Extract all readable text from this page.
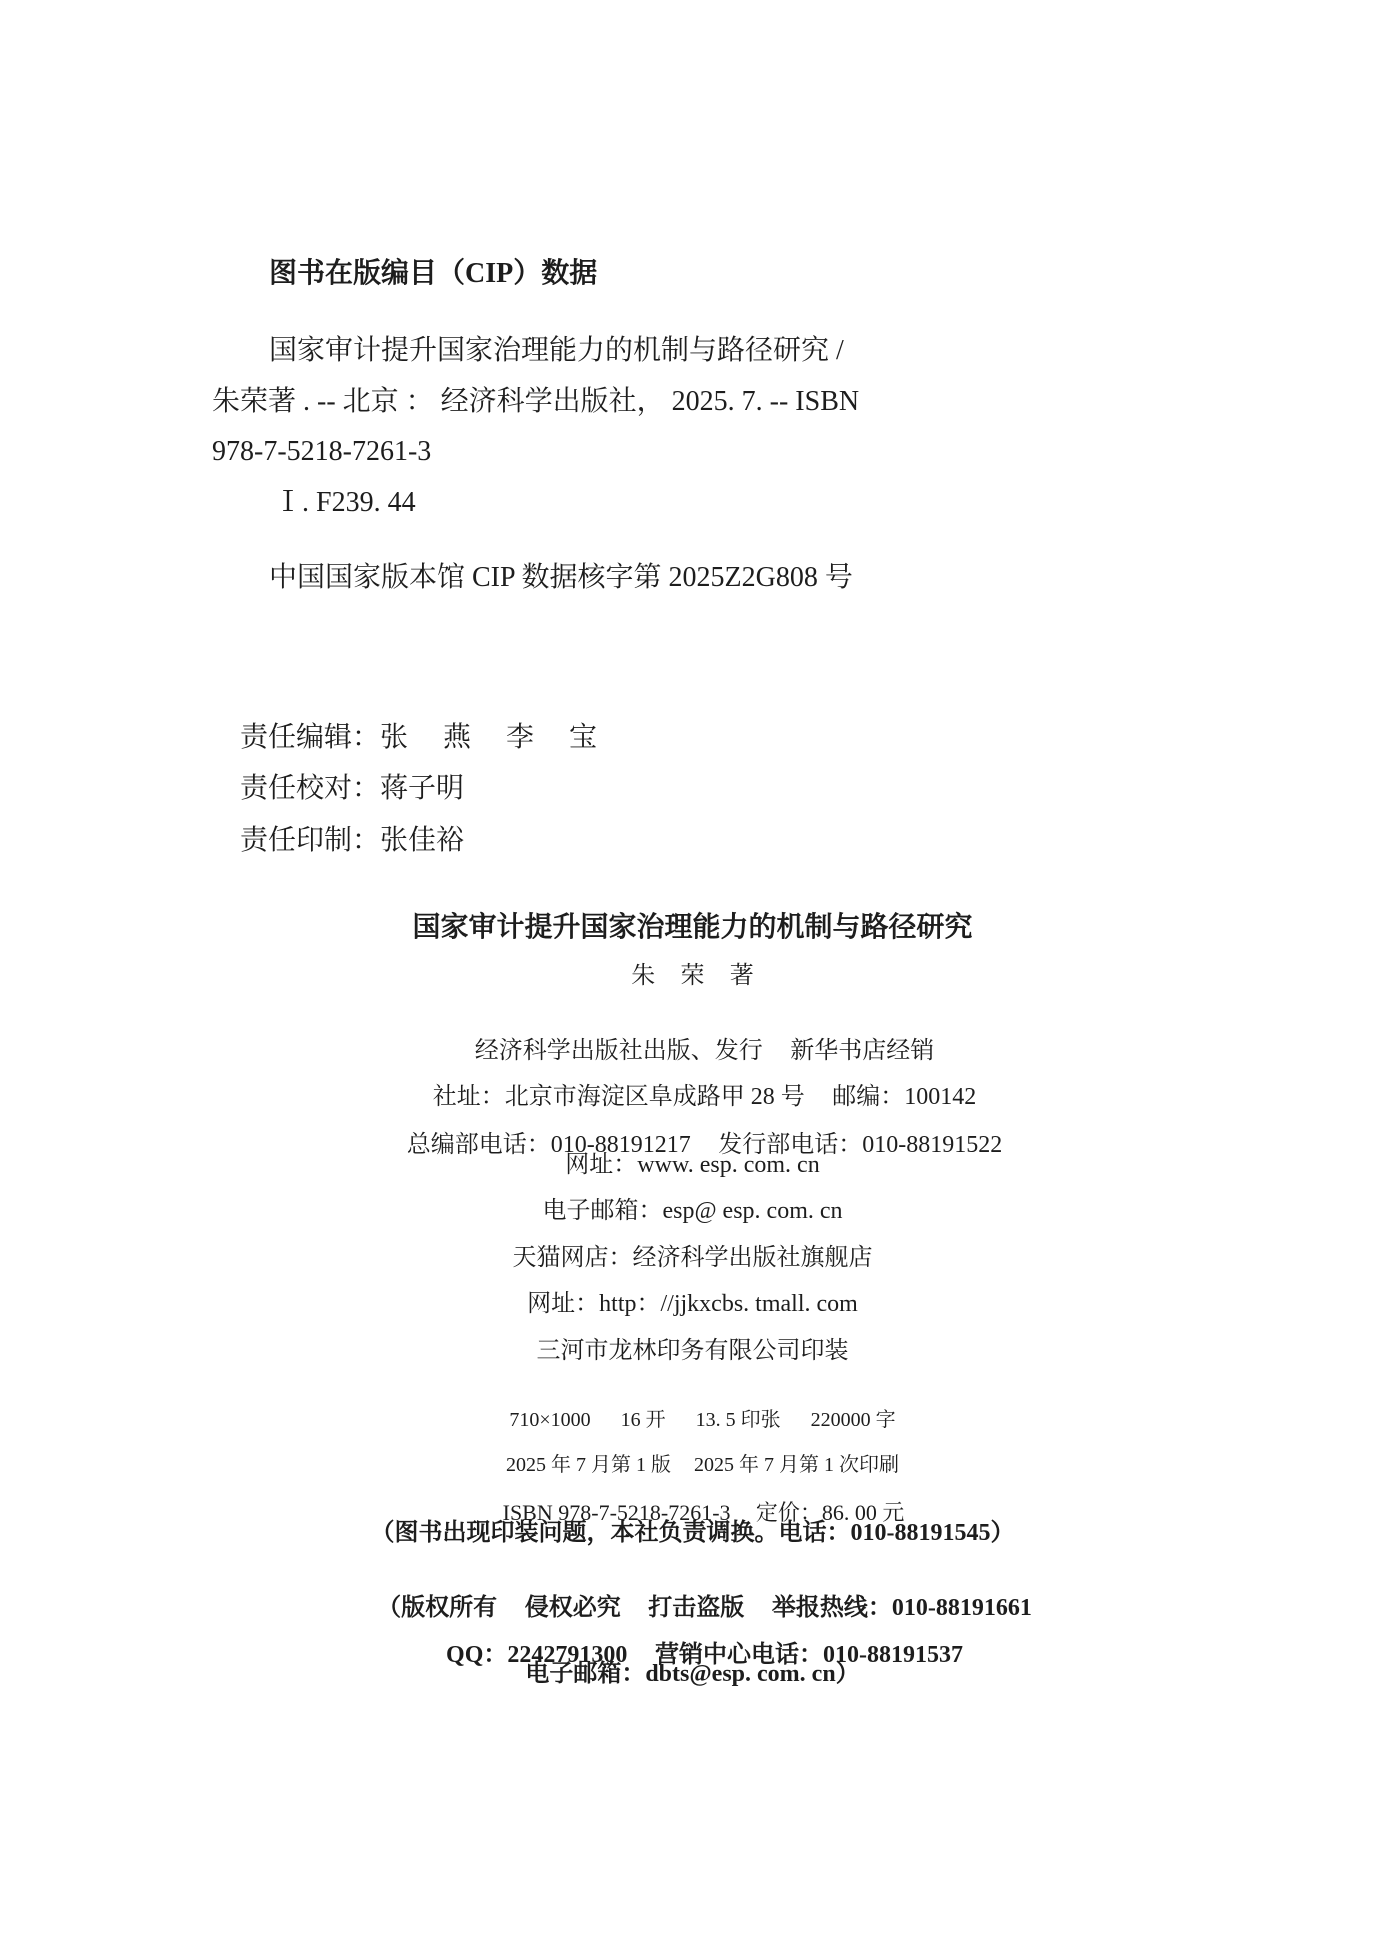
图书在版编目（CIP）数据
国家审计提升国家治理能力的机制与路径研究 /
朱荣著 . -- 北京 ： 经济科学出版社， 2025. 7. -- ISBN
978-7-5218-7261-3
Ⅰ. F239. 44
中国国家版本馆 CIP 数据核字第 2025Z2G808 号

责任编辑：张 燕 李 宝

责任校对：蒋子明

责任印制：张佳裕

国家审计提升国家治理能力的机制与路径研究
朱 荣 著

经济科学出版社出版、发行 新华书店经销

社址：北京市海淀区阜成路甲 28 号 邮编：100142

总编部电话：010-88191217 发行部电话：010-88191522

网址：www. esp. com. cn
电子邮箱：esp@ esp. com. cn
天猫网店：经济科学出版社旗舰店
网址：http：//jjkxcbs. tmall. com
三河市龙林印务有限公司印装

710×1000 16 开 13. 5 印张 220000 字

2025 年 7 月第 1 版 2025 年 7 月第 1 次印刷

ISBN 978-7-5218-7261-3 定价：86. 00 元

（图书出现印装问题，本社负责调换。电话：010-88191545）

（版权所有 侵权必究 打击盗版 举报热线：010-88191661

QQ：2242791300 营销中心电话：010-88191537

电子邮箱：dbts@esp. com. cn）
